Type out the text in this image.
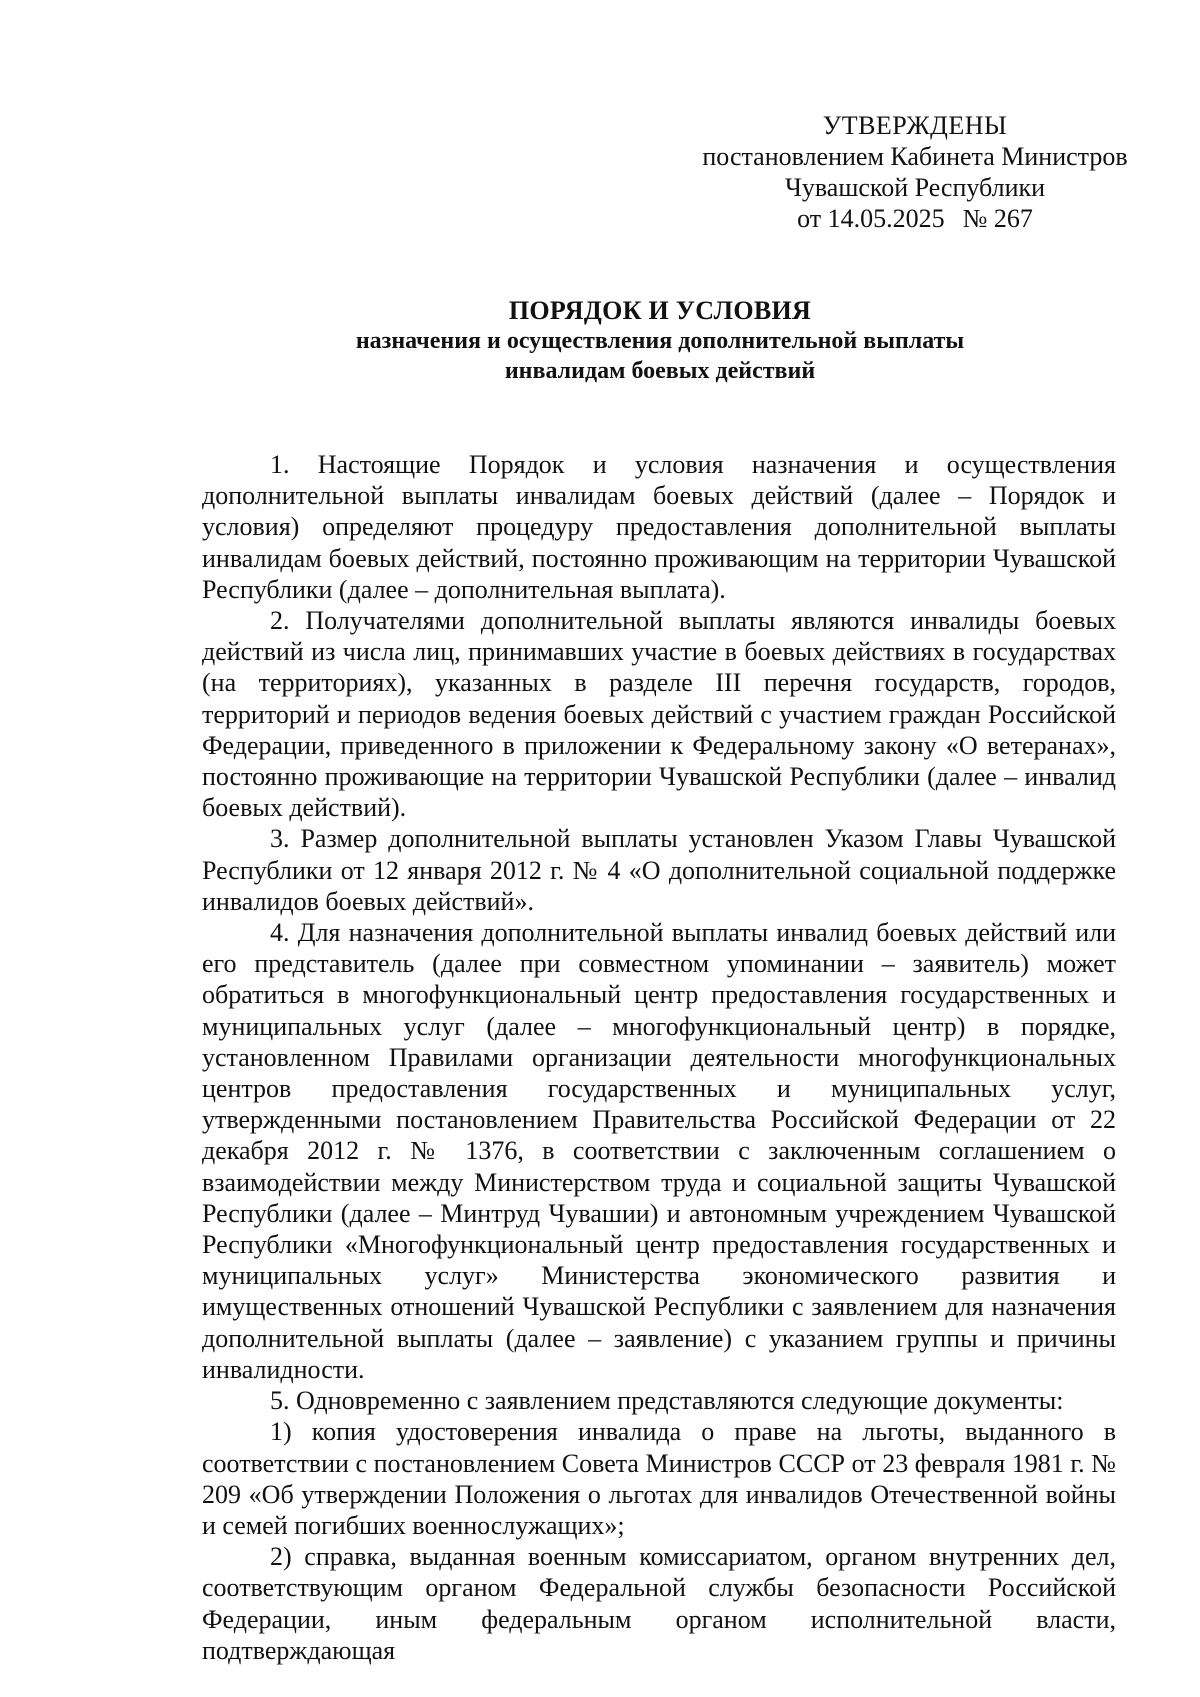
УТВЕРЖДЕНЫ
постановлением Кабинета Министров
Чувашской Республики
от 14.05.2025 № 267
ПОРЯДОК И УСЛОВИЯ
назначения и осуществления дополнительной выплаты
инвалидам боевых действий

1. Настоящие Порядок и условия назначения и осуществления дополнительной выплаты инвалидам боевых действий (далее – Порядок и условия) определяют процедуру предоставления дополнительной выплаты инвалидам боевых действий, постоянно проживающим на территории Чувашской Республики (далее – дополнительная выплата).

2. Получателями дополнительной выплаты являются инвалиды боевых действий из числа лиц, принимавших участие в боевых действиях в государствах (на территориях), указанных в разделе III перечня государств, городов, территорий и периодов ведения боевых действий с участием граждан Российской Федерации, приведенного в приложении к Федеральному закону «О ветеранах», постоянно проживающие на территории Чувашской Республики (далее – инвалид боевых действий).

3. Размер дополнительной выплаты установлен Указом Главы Чувашской Республики от 12 января 2012 г. № 4 «О дополнительной социальной поддержке инвалидов боевых действий».

4. Для назначения дополнительной выплаты инвалид боевых действий или его представитель (далее при совместном упоминании – заявитель) может обратиться в многофункциональный центр предоставления государственных и муниципальных услуг (далее – многофункциональный центр) в порядке, установленном Правилами организации деятельности многофункциональных центров предоставления государственных и муниципальных услуг, утвержденными постановлением Правительства Российской Федерации от 22 декабря 2012 г. № 1376, в соответствии с заключенным соглашением о взаимодействии между Министерством труда и социальной защиты Чувашской Республики (далее – Минтруд Чувашии) и автономным учреждением Чувашской Республики «Многофункциональный центр предоставления государственных и муниципальных услуг» Министерства экономического развития и имущественных отношений Чувашской Республики с заявлением для назначения дополнительной выплаты (далее – заявление) с указанием группы и причины инвалидности.

5. Одновременно с заявлением представляются следующие документы:

1) копия удостоверения инвалида о праве на льготы, выданного в соответствии с постановлением Совета Министров СССР от 23 февраля 1981 г. № 209 «Об утверждении Положения о льготах для инвалидов Отечественной войны и семей погибших военнослужащих»;

2) справка, выданная военным комиссариатом, органом внутренних дел, соответствующим органом Федеральной службы безопасности Российской Федерации, иным федеральным органом исполнительной власти, подтверждающая
